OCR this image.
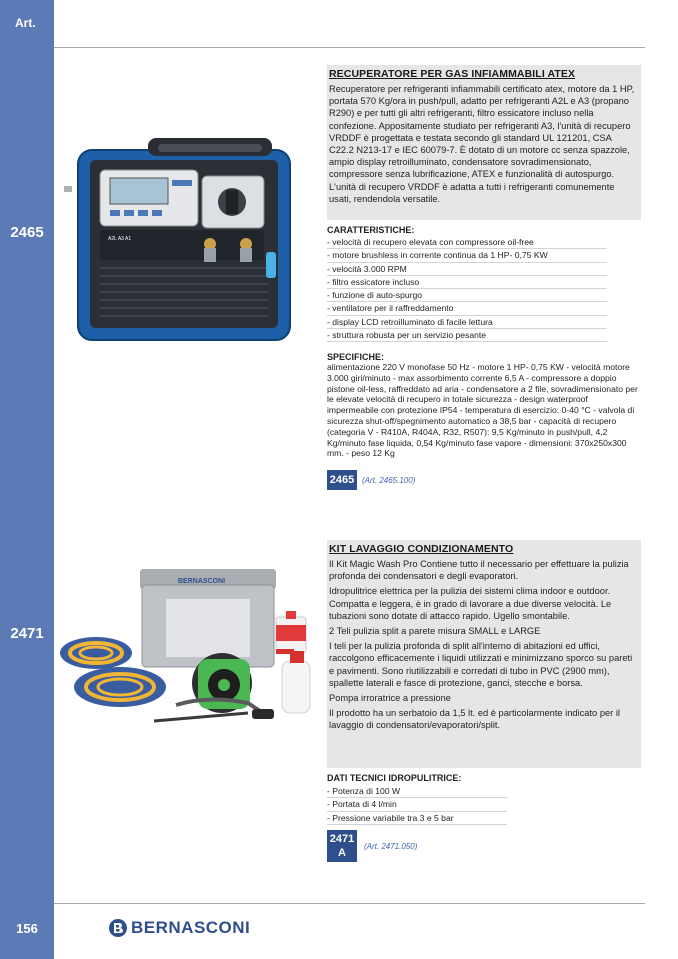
Art.
2465
2471
156
A2L A3 A1
RECUPERATORE PER GAS INFIAMMABILI ATEX

Recuperatore per refrigeranti infiammabili certificato atex, motore da 1 HP, portata 570 Kg/ora in push/pull, adatto per refrigeranti A2L e A3 (propano R290) e per tutti gli altri refrigeranti, filtro essicatore incluso nella confezione. Appositamente studiato per refrigeranti A3, l'unità di recupero VRDDF è progettata e testata secondo gli standard UL 121201, CSA C22.2 N213-17 e IEC 60079-7. È dotato di un motore cc senza spazzole, ampio display retroilluminato, condensatore sovradimensionato, compressore senza lubrificazione, ATEX e funzionalità di autospurgo. L'unità di recupero VRDDF è adatta a tutti i refrigeranti comunemente usati, rendendola versatile.

CARATTERISTICHE:
- velocità di recupero elevata con compressore oil-free
- motore brushless in corrente continua da 1 HP- 0,75 KW
- velocità 3.000 RPM
- filtro essicatore incluso
- funzione di auto-spurgo
- ventilatore per il raffreddamento
- display LCD retroilluminato di facile lettura
- struttura robusta per un servizio pesante
SPECIFICHE:
alimentazione 220 V monofase 50 Hz - motore 1 HP- 0,75 KW - velocità motore 3.000 giri/minuto - max assorbimento corrente 6,5 A - compressore a doppio pistone oil-less, raffreddato ad aria - condensatore a 2 file, sovradimensionato per le elevate velocità di recupero in totale sicurezza - design waterproof impermeabile con protezione IP54 - temperatura di esercizio: 0-40 °C - valvola di sicurezza shut-off/spegnimento automatico a 38,5 bar - capacità di recupero (categoria V - R410A, R404A, R32, R507): 9,5 Kg/minuto in push/pull, 4,2 Kg/minuto fase liquida, 0,54 Kg/minuto fase vapore - dimensioni: 370x250x300 mm. - peso 12 Kg
2465 (Art. 2465.100)
BERNASCONI
KIT LAVAGGIO CONDIZIONAMENTO

Il Kit Magic Wash Pro Contiene tutto il necessario per effettuare la pulizia profonda dei condensatori e degli evaporatori.

Idropulitrice elettrica per la pulizia dei sistemi clima indoor e outdoor. Compatta e leggera, è in grado di lavorare a due diverse velocità. Le tubazioni sono dotate di attacco rapido. Ugello smontabile.

2 Teli pulizia split a parete misura SMALL e LARGE

I teli per la pulizia profonda di split all'interno di abitazioni ed uffici, raccolgono efficacemente i liquidi utilizzati e minimizzano sporco su pareti e pavimenti. Sono riutilizzabili e corredati di tubo in PVC (2900 mm), spallette laterali e fasce di protezione, ganci, stecche e borsa.

Pompa irroratrice a pressione

Il prodotto ha un serbatoio da 1,5 lt. ed è particolarmente indicato per il lavaggio di condensatori/evaporatori/split.

DATI TECNICI IDROPULITRICE:
- Potenza di 100 W
- Portata di 4 l/min
- Pressione variabile tra 3 e 5 bar
2471
A
(Art. 2471.050)
BERNASCONI
